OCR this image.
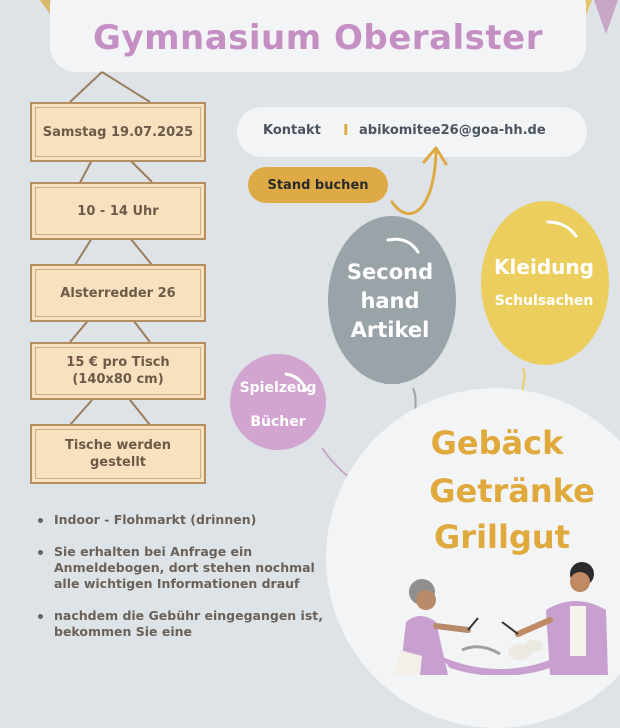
Gymnasium Oberalster
Samstag 19.07.2025
10 - 14 Uhr
Alsterredder 26
15 € pro Tisch (140x80 cm)
Tische werden gestellt
Kontakt I abikomitee26@goa-hh.de
Stand buchen
Second
hand
Artikel
Kleidung
Schulsachen
Spielzeug
Bücher
Gebäck
Getränke
Grillgut
Indoor - Flohmarkt (drinnen)
Sie erhalten bei Anfrage ein Anmeldebogen, dort stehen nochmal alle wichtigen Informationen drauf
nachdem die Gebühr eingegangen ist, bekommen Sie eine
